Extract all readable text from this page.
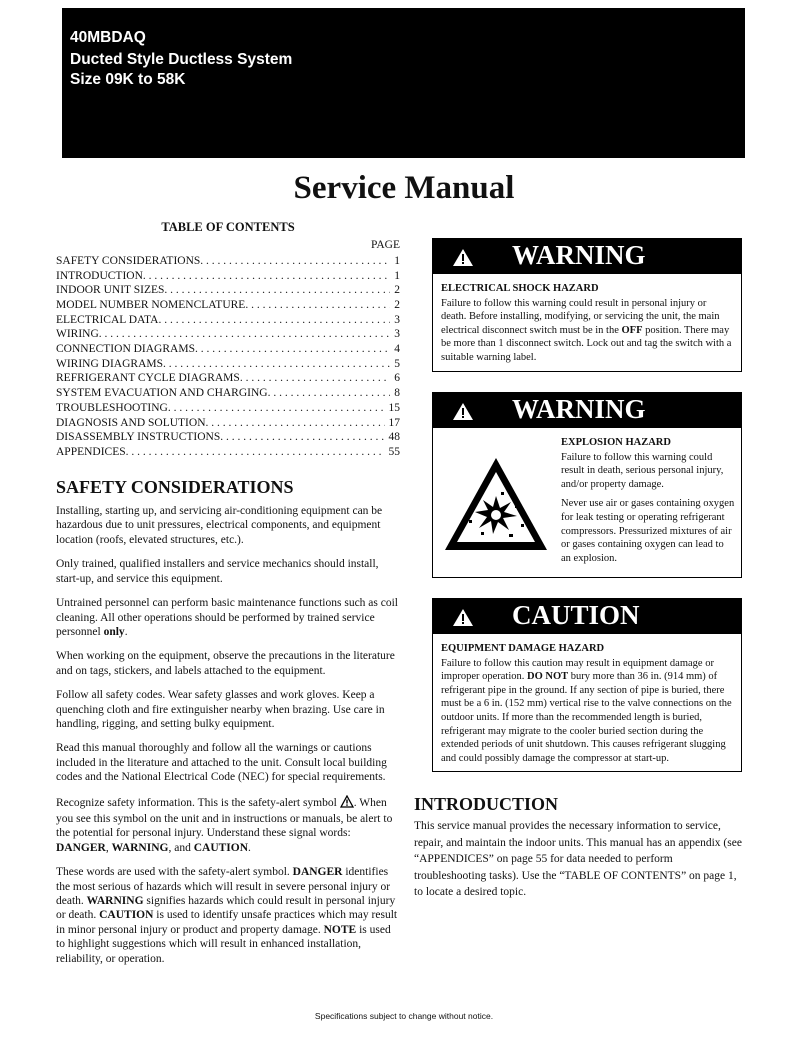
40MBDAQ
Ducted Style Ductless System
Size 09K to 58K
Service Manual
TABLE OF CONTENTS
PAGE
SAFETY CONSIDERATIONS . . .	1
INTRODUCTION . . .	1
INDOOR UNIT SIZES . . .	2
MODEL NUMBER NOMENCLATURE . . .	2
ELECTRICAL DATA . . .	3
WIRING . . .	3
CONNECTION DIAGRAMS . . .	4
WIRING DIAGRAMS . . .	5
REFRIGERANT CYCLE DIAGRAMS . . .	6
SYSTEM EVACUATION AND CHARGING . . .	8
TROUBLESHOOTING . . .	15
DIAGNOSIS AND SOLUTION . . .	17
DISASSEMBLY INSTRUCTIONS . . .	48
APPENDICES . . .	55
SAFETY CONSIDERATIONS

Installing, starting up, and servicing air-conditioning equipment can be hazardous due to unit pressures, electrical components, and equipment location (roofs, elevated structures, etc.).

Only trained, qualified installers and service mechanics should install, start-up, and service this equipment.

Untrained personnel can perform basic maintenance functions such as coil cleaning. All other operations should be performed by trained service personnel only.

When working on the equipment, observe the precautions in the literature and on tags, stickers, and labels attached to the equipment.

Follow all safety codes. Wear safety glasses and work gloves. Keep a quenching cloth and fire extinguisher nearby when brazing. Use care in handling, rigging, and setting bulky equipment.

Read this manual thoroughly and follow all the warnings or cautions included in the literature and attached to the unit. Consult local building codes and the National Electrical Code (NEC) for special requirements.

Recognize safety information. This is the safety-alert symbol . When you see this symbol on the unit and in instructions or manuals, be alert to the potential for personal injury. Understand these signal words: DANGER, WARNING, and CAUTION.

These words are used with the safety-alert symbol. DANGER identifies the most serious of hazards which will result in severe personal injury or death. WARNING signifies hazards which could result in personal injury or death. CAUTION is used to identify unsafe practices which may result in minor personal injury or product and property damage. NOTE is used to highlight suggestions which will result in enhanced installation, reliability, or operation.

WARNING
ELECTRICAL SHOCK HAZARD
Failure to follow this warning could result in personal injury or death. Before installing, modifying, or servicing the unit, the main electrical disconnect switch must be in the OFF position. There may be more than 1 disconnect switch. Lock out and tag the switch with a suitable warning label.
WARNING
EXPLOSION HAZARD

Failure to follow this warning could result in death, serious personal injury, and/or property damage.

Never use air or gases containing oxygen for leak testing or operating refrigerant compressors. Pressurized mixtures of air or gases containing oxygen can lead to an explosion.

CAUTION
EQUIPMENT DAMAGE HAZARD
Failure to follow this caution may result in equipment damage or improper operation. DO NOT bury more than 36 in. (914 mm) of refrigerant pipe in the ground. If any section of pipe is buried, there must be a 6 in. (152 mm) vertical rise to the valve connections on the outdoor units. If more than the recommended length is buried, refrigerant may migrate to the cooler buried section during the extended periods of unit shutdown. This causes refrigerant slugging and could possibly damage the compressor at start-up.
INTRODUCTION

This service manual provides the necessary information to service, repair, and maintain the indoor units. This manual has an appendix (see “APPENDICES” on page 55 for data needed to perform troubleshooting tasks). Use the “TABLE OF CONTENTS” on page 1, to locate a desired topic.

Specifications subject to change without notice.
